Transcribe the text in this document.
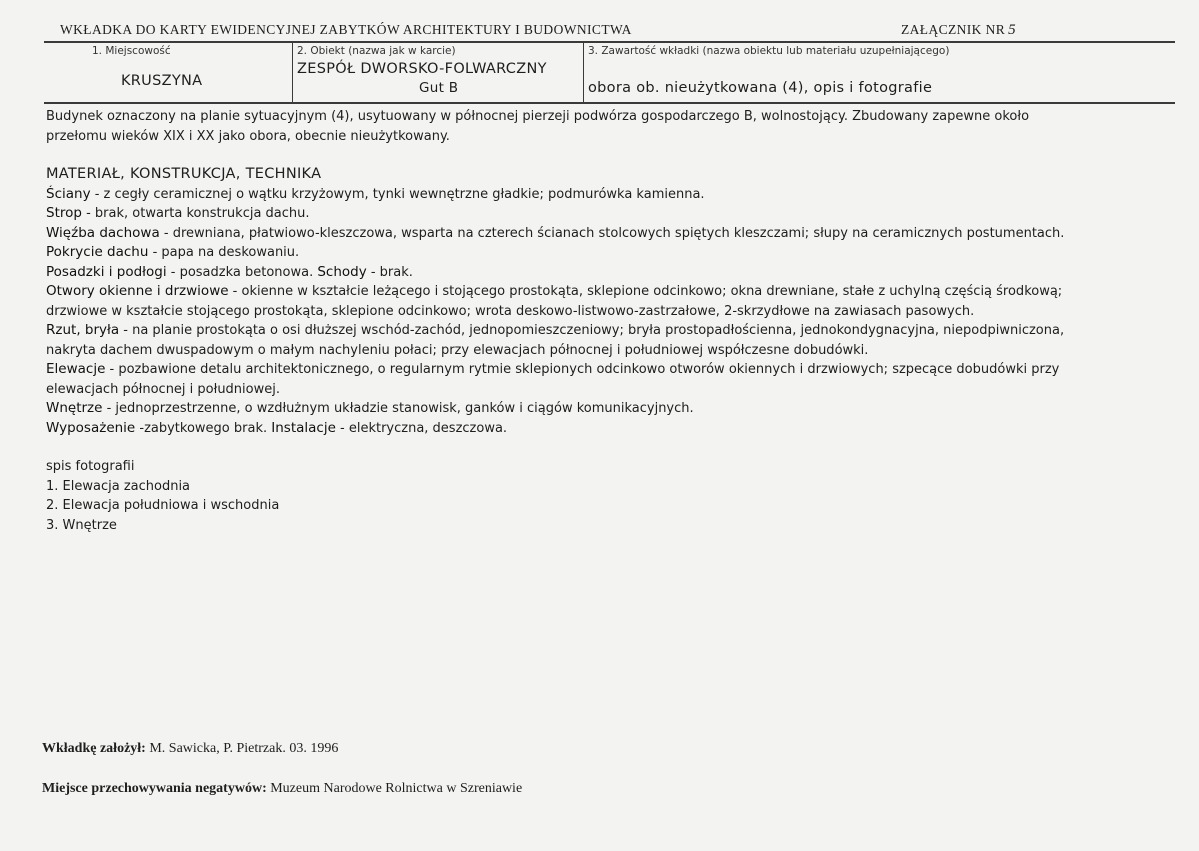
WKŁADKA DO KARTY EWIDENCYJNEJ ZABYTKÓW ARCHITEKTURY I BUDOWNICTWA	ZAŁĄCZNIK NR 5
1. Miejscowość
KRUSZYNA
2. Obiekt (nazwa jak w karcie)
ZESPÓŁ DWORSKO-FOLWARCZNY
Gut B
3. Zawartość wkładki (nazwa obiektu lub materiału uzupełniającego)
obora ob. nieużytkowana (4), opis i fotografie

Budynek oznaczony na planie sytuacyjnym (4), usytuowany w północnej pierzeji podwórza gospodarczego B, wolnostojący. Zbudowany zapewne około

przełomu wieków XIX i XX jako obora, obecnie nieużytkowany.

MATERIAŁ, KONSTRUKCJA, TECHNIKA

Ściany - z cegły ceramicznej o wątku krzyżowym, tynki wewnętrzne gładkie; podmurówka kamienna.

Strop - brak, otwarta konstrukcja dachu.

Więźba dachowa - drewniana, płatwiowo-kleszczowa, wsparta na czterech ścianach stolcowych spiętych kleszczami; słupy na ceramicznych postumentach.

Pokrycie dachu - papa na deskowaniu.

Posadzki i podłogi - posadzka betonowa. Schody - brak.

Otwory okienne i drzwiowe - okienne w kształcie leżącego i stojącego prostokąta, sklepione odcinkowo; okna drewniane, stałe z uchylną częścią środkową;

drzwiowe w kształcie stojącego prostokąta, sklepione odcinkowo; wrota deskowo-listwowo-zastrzałowe, 2-skrzydłowe na zawiasach pasowych.

Rzut, bryła - na planie prostokąta o osi dłuższej wschód-zachód, jednopomieszczeniowy; bryła prostopadłościenna, jednokondygnacyjna, niepodpiwniczona,

nakryta dachem dwuspadowym o małym nachyleniu połaci; przy elewacjach północnej i południowej współczesne dobudówki.

Elewacje - pozbawione detalu architektonicznego, o regularnym rytmie sklepionych odcinkowo otworów okiennych i drzwiowych; szpecące dobudówki przy

elewacjach północnej i południowej.

Wnętrze - jednoprzestrzenne, o wzdłużnym układzie stanowisk, ganków i ciągów komunikacyjnych.

Wyposażenie -zabytkowego brak. Instalacje - elektryczna, deszczowa.

spis fotografii

1. Elewacja zachodnia

2. Elewacja południowa i wschodnia

3. Wnętrze

Wkładkę założył: M. Sawicka, P. Pietrzak. 03. 1996
Miejsce przechowywania negatywów: Muzeum Narodowe Rolnictwa w Szreniawie
